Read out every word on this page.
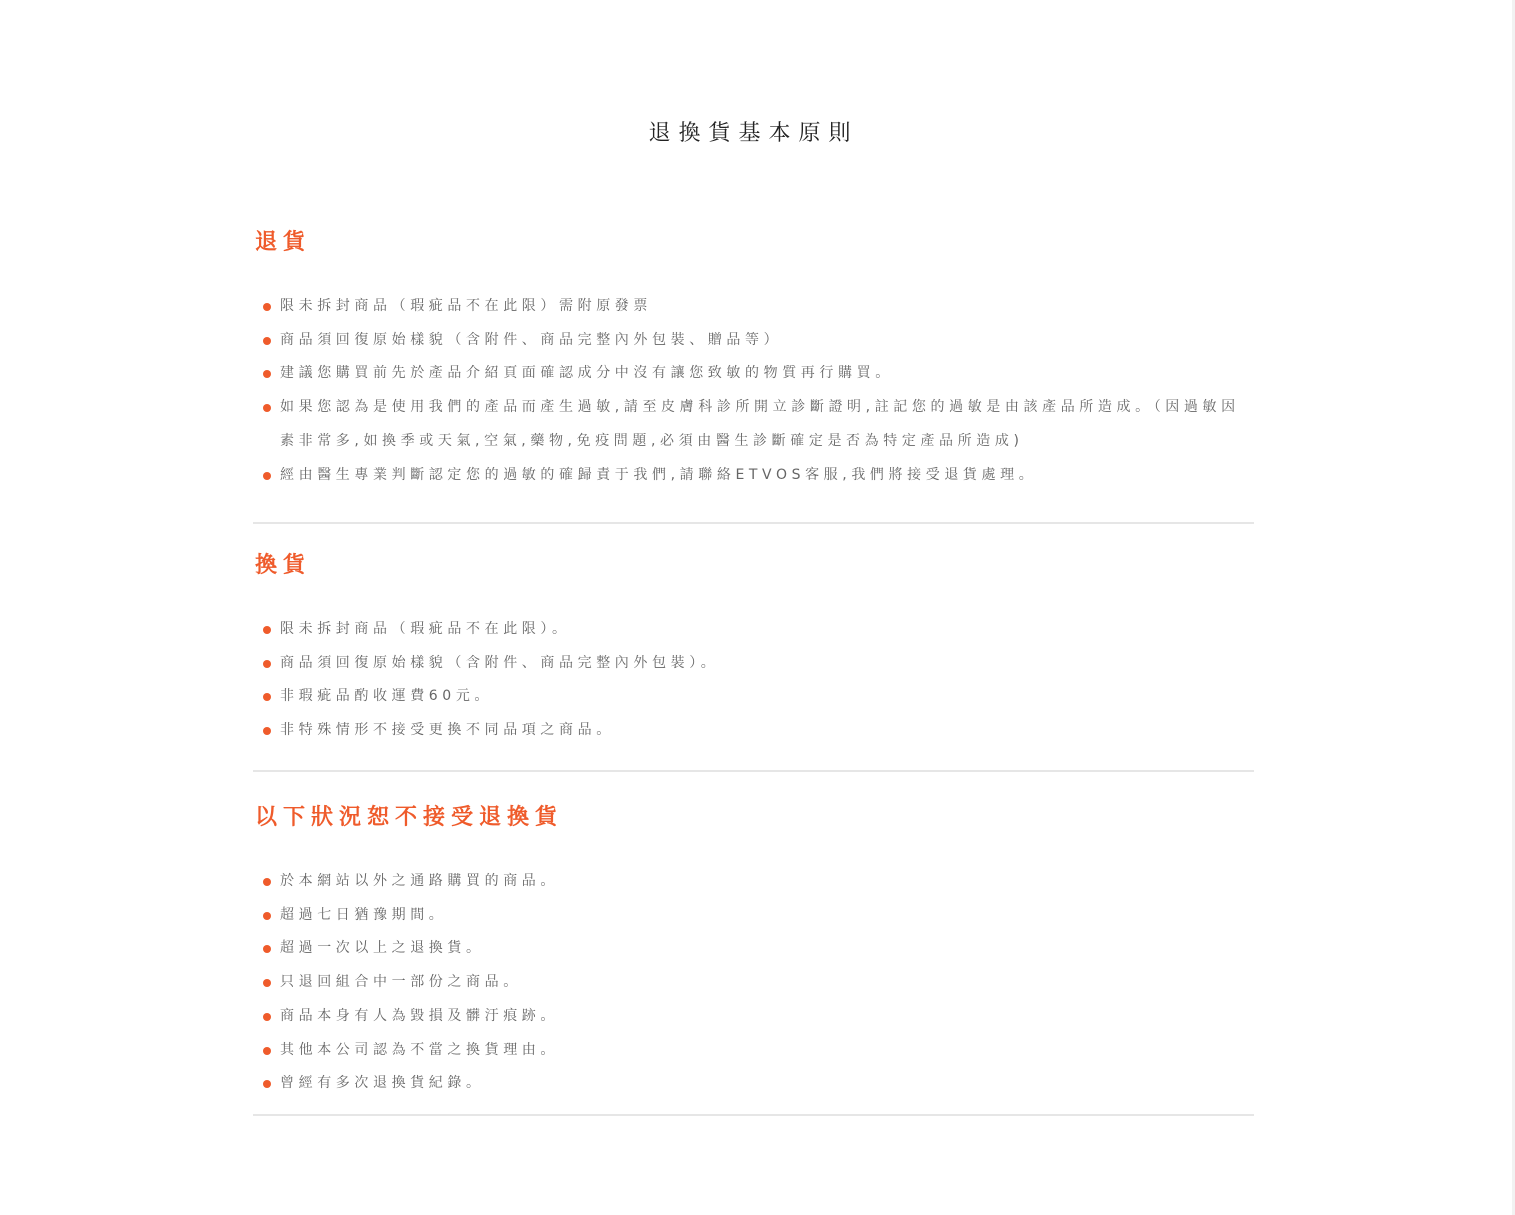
退換貨基本原則
退貨
限未拆封商品（瑕疵品不在此限）需附原發票
商品須回復原始樣貌（含附件、商品完整內外包裝、贈品等）
建議您購買前先於產品介紹頁面確認成分中沒有讓您致敏的物質再行購買。
如果您認為是使用我們的產品而產生過敏,請至皮膚科診所開立診斷證明,註記您的過敏是由該產品所造成。（因過敏因素非常多,如換季或天氣,空氣,藥物,免疫問題,必須由醫生診斷確定是否為特定產品所造成)
經由醫生專業判斷認定您的過敏的確歸責于我們,請聯絡ETVOS客服,我們將接受退貨處理。
換貨
限未拆封商品（瑕疵品不在此限）。
商品須回復原始樣貌（含附件、商品完整內外包裝）。
非瑕疵品酌收運費60元。
非特殊情形不接受更換不同品項之商品。
以下狀況恕不接受退換貨
於本網站以外之通路購買的商品。
超過七日猶豫期間。
超過一次以上之退換貨。
只退回組合中一部份之商品。
商品本身有人為毀損及髒汙痕跡。
其他本公司認為不當之換貨理由。
曾經有多次退換貨紀錄。
